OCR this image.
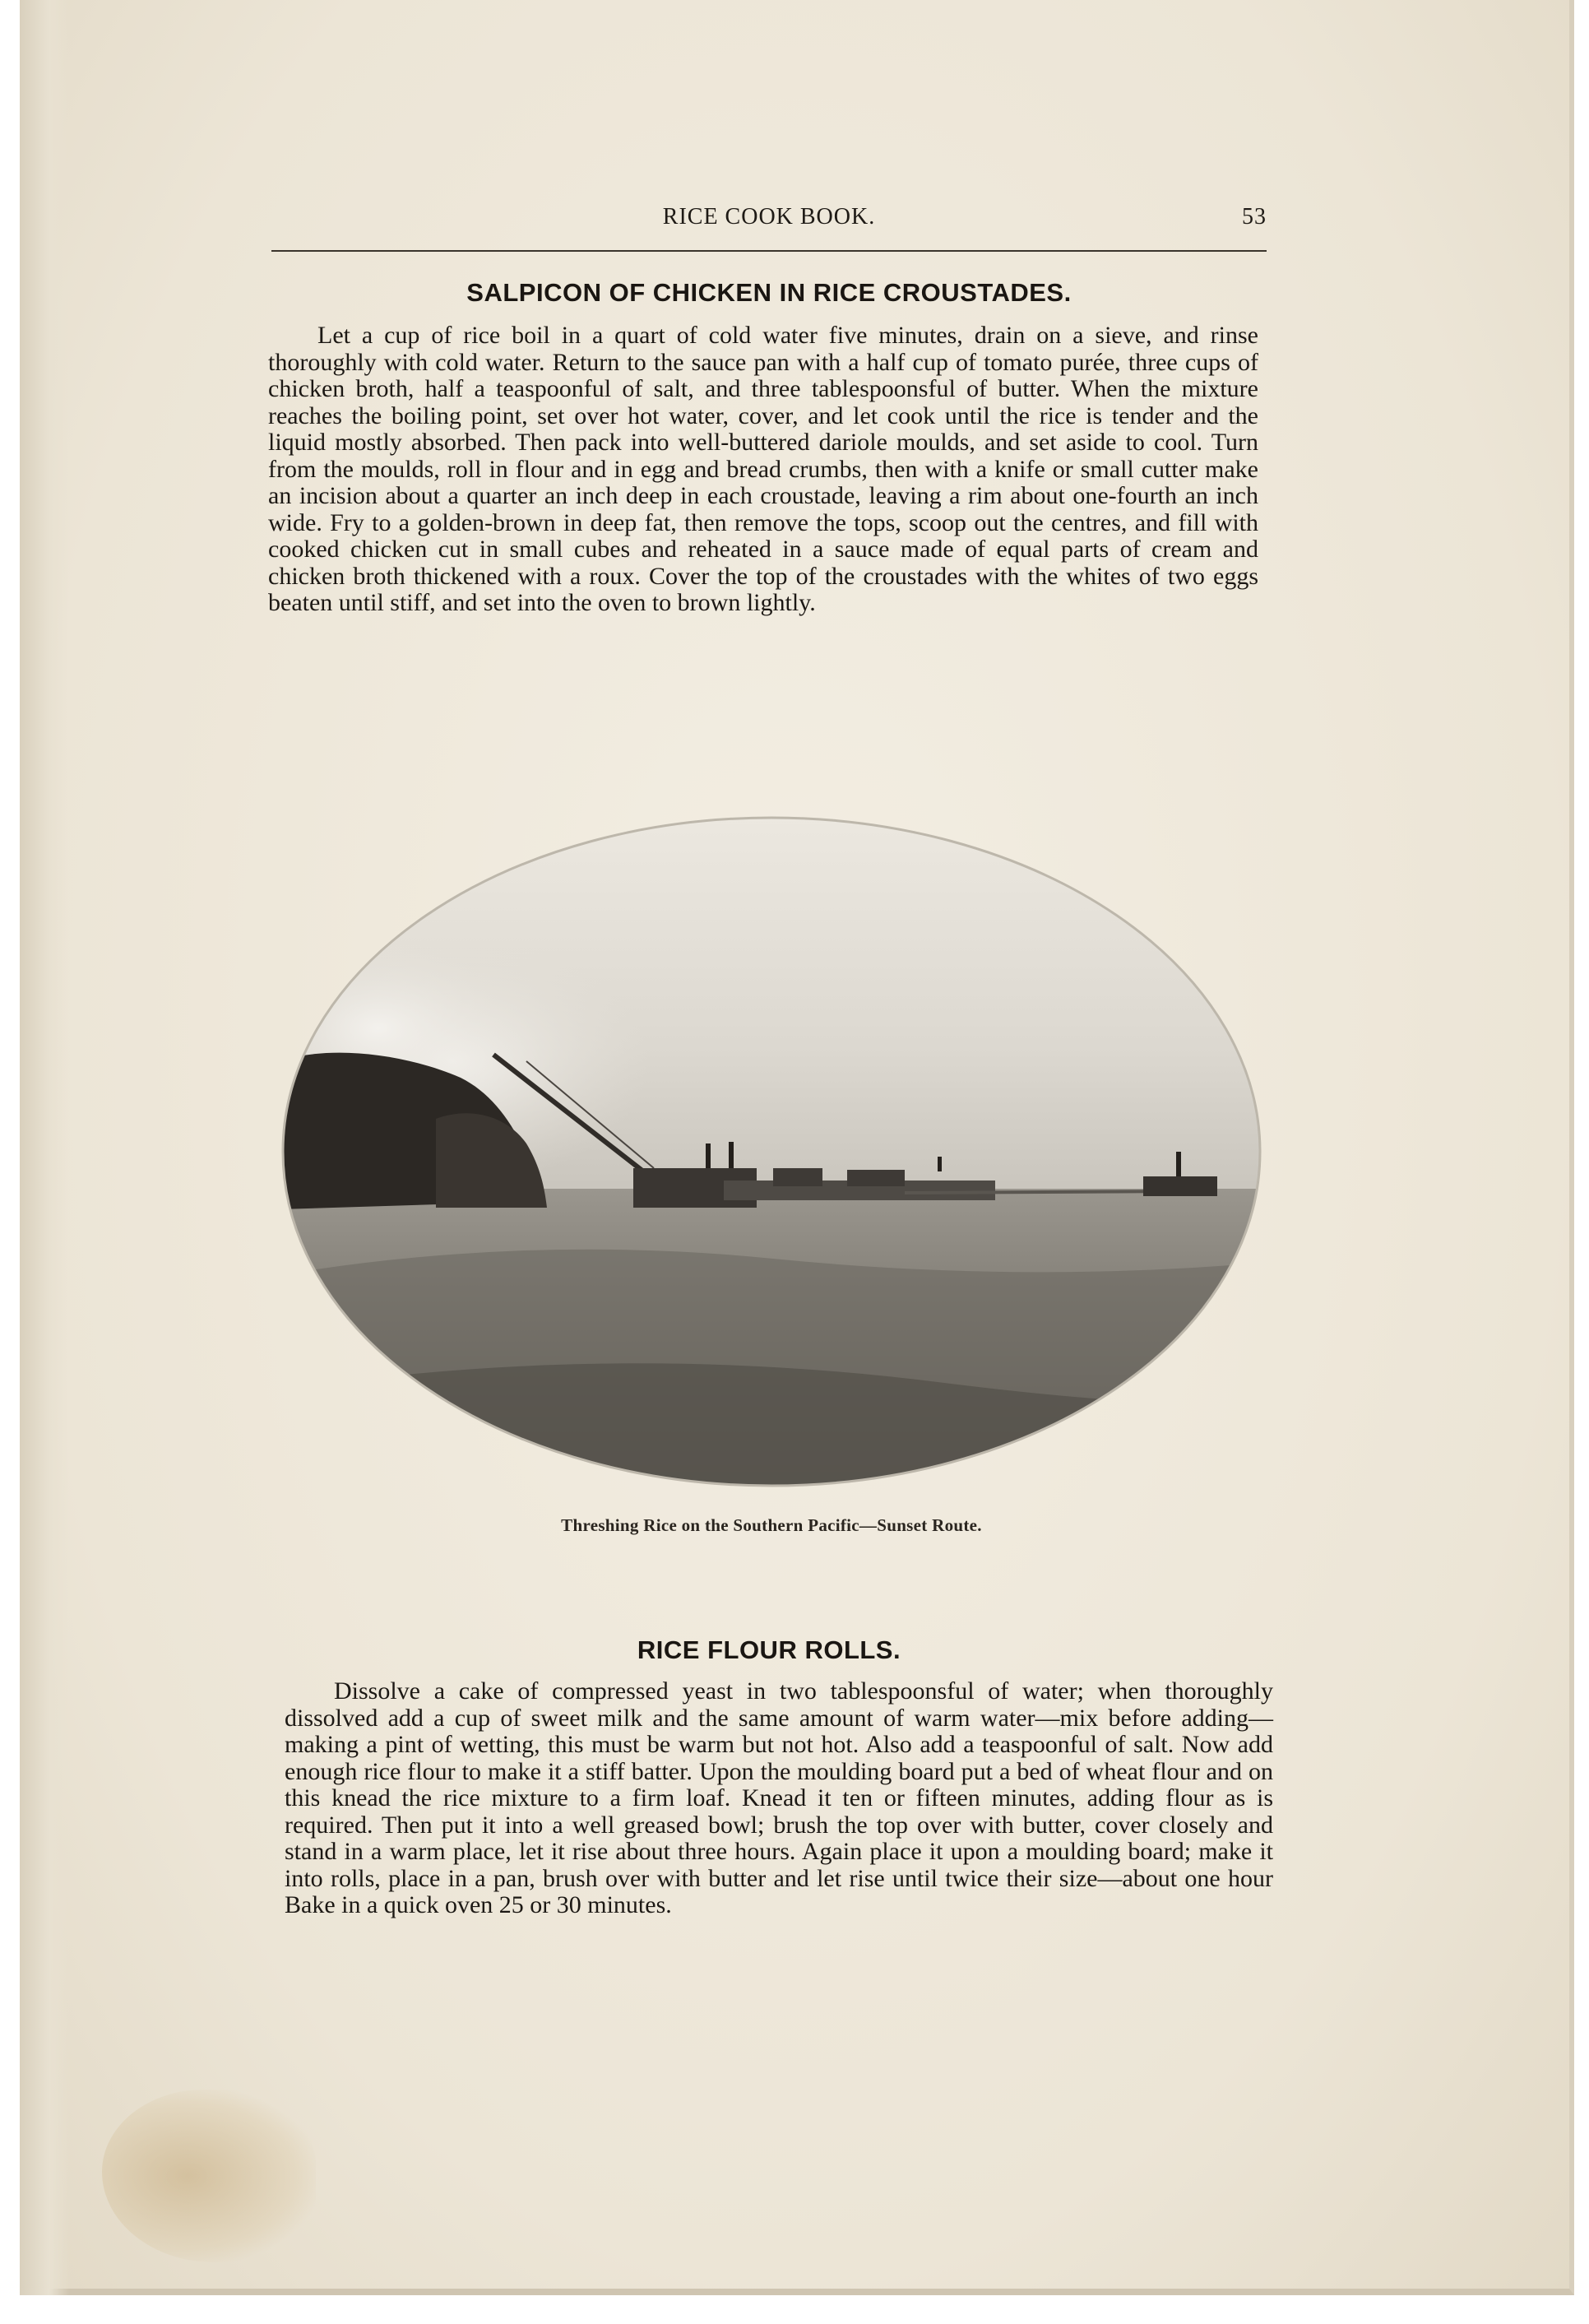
RICE COOK BOOK.	53
SALPICON OF CHICKEN IN RICE CROUSTADES.

Let a cup of rice boil in a quart of cold water five minutes, drain on a sieve, and rinse thoroughly with cold water. Return to the sauce pan with a half cup of tomato purée, three cups of chicken broth, half a teaspoonful of salt, and three tablespoonsful of butter. When the mixture reaches the boiling point, set over hot water, cover, and let cook until the rice is tender and the liquid mostly absorbed. Then pack into well-buttered dariole moulds, and set aside to cool. Turn from the moulds, roll in flour and in egg and bread crumbs, then with a knife or small cutter make an incision about a quarter an inch deep in each croustade, leaving a rim about one-fourth an inch wide. Fry to a golden-brown in deep fat, then remove the tops, scoop out the centres, and fill with cooked chicken cut in small cubes and reheated in a sauce made of equal parts of cream and chicken broth thickened with a roux. Cover the top of the croustades with the whites of two eggs beaten until stiff, and set into the oven to brown lightly.

Threshing Rice on the Southern Pacific—Sunset Route.
RICE FLOUR ROLLS.

Dissolve a cake of compressed yeast in two tablespoonsful of water; when thoroughly dissolved add a cup of sweet milk and the same amount of warm water—mix before adding—making a pint of wetting, this must be warm but not hot. Also add a teaspoonful of salt. Now add enough rice flour to make it a stiff batter. Upon the moulding board put a bed of wheat flour and on this knead the rice mixture to a firm loaf. Knead it ten or fifteen minutes, adding flour as is required. Then put it into a well greased bowl; brush the top over with butter, cover closely and stand in a warm place, let it rise about three hours. Again place it upon a moulding board; make it into rolls, place in a pan, brush over with butter and let rise until twice their size—about one hour Bake in a quick oven 25 or 30 minutes.
